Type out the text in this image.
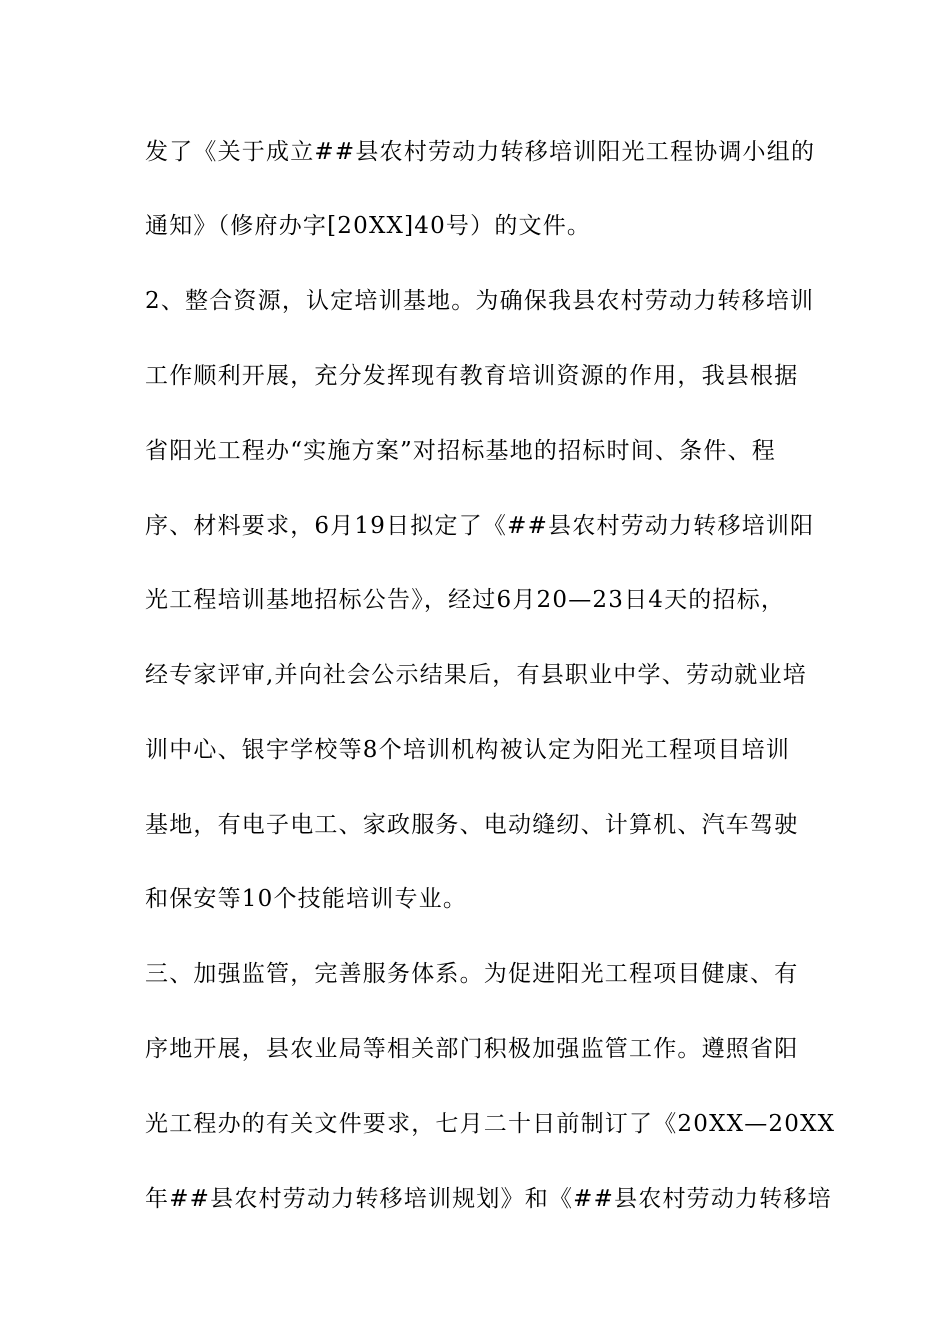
发了《关于成立##县农村劳动力转移培训阳光工程协调小组的
通知》（修府办字[20XX]40号）的文件。
2、整合资源，认定培训基地。为确保我县农村劳动力转移培训
工作顺利开展，充分发挥现有教育培训资源的作用，我县根据
省阳光工程办“实施方案”对招标基地的招标时间、条件、程
序、材料要求，6月19日拟定了《##县农村劳动力转移培训阳
光工程培训基地招标公告》，经过6月20—23日4天的招标，
经专家评审,并向社会公示结果后，有县职业中学、劳动就业培
训中心、银宇学校等8个培训机构被认定为阳光工程项目培训
基地，有电子电工、家政服务、电动缝纫、计算机、汽车驾驶
和保安等10个技能培训专业。
三、加强监管，完善服务体系。为促进阳光工程项目健康、有
序地开展，县农业局等相关部门积极加强监管工作。遵照省阳
光工程办的有关文件要求，七月二十日前制订了《20XX—20XX
年##县农村劳动力转移培训规划》和《##县农村劳动力转移培
